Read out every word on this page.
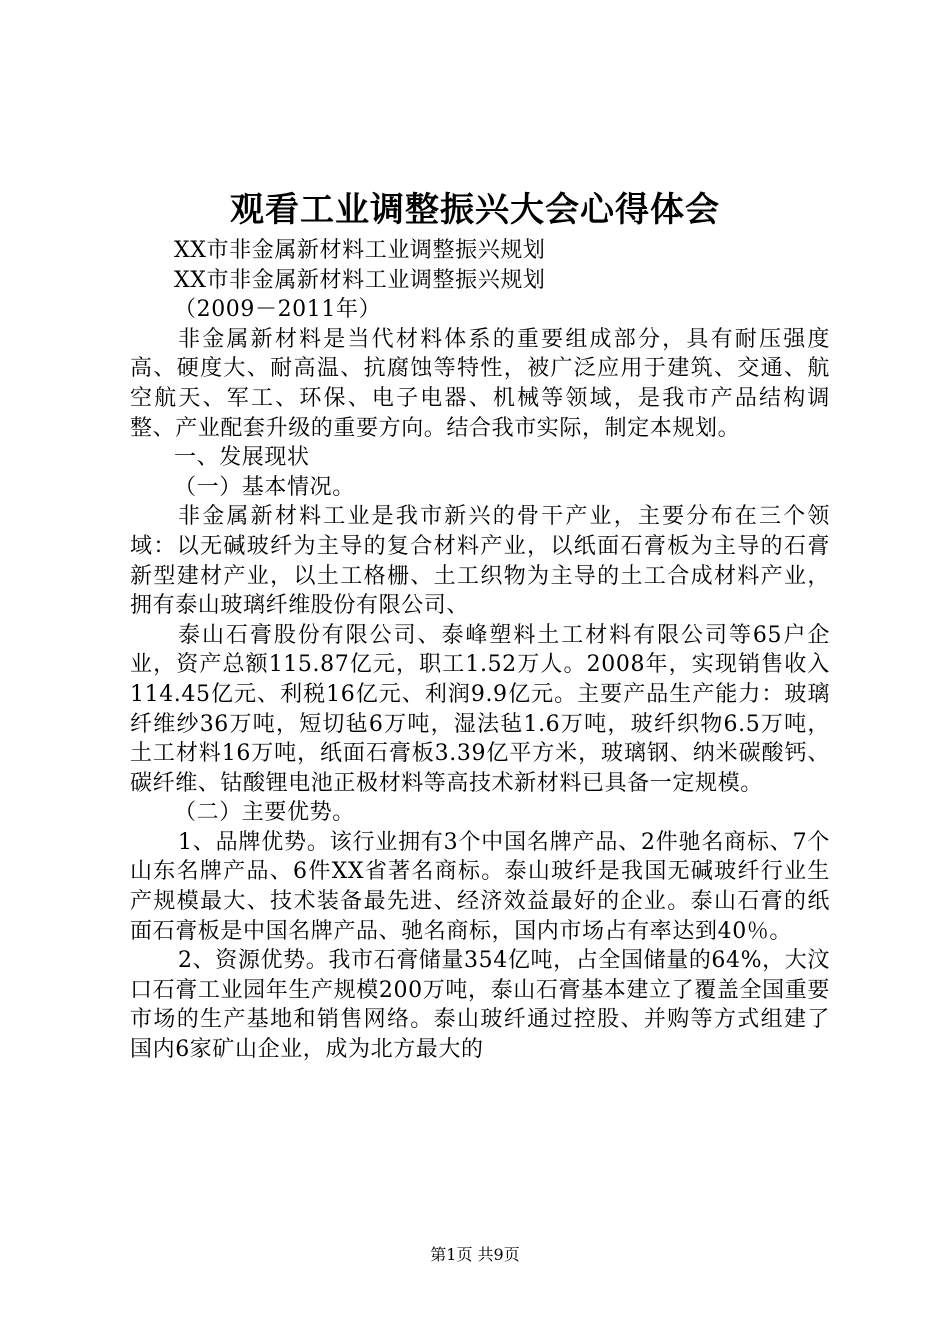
观看工业调整振兴大会心得体会

XX市非金属新材料工业调整振兴规划

XX市非金属新材料工业调整振兴规划

（2009－2011年）

非金属新材料是当代材料体系的重要组成部分，具有耐压强度高、硬度大、耐高温、抗腐蚀等特性，被广泛应用于建筑、交通、航空航天、军工、环保、电子电器、机械等领域，是我市产品结构调整、产业配套升级的重要方向。结合我市实际，制定本规划。

一、发展现状

（一）基本情况。

非金属新材料工业是我市新兴的骨干产业，主要分布在三个领域：以无碱玻纤为主导的复合材料产业，以纸面石膏板为主导的石膏新型建材产业，以土工格栅、土工织物为主导的土工合成材料产业，拥有泰山玻璃纤维股份有限公司、

泰山石膏股份有限公司、泰峰塑料土工材料有限公司等65户企业，资产总额115.87亿元，职工1.52万人。2008年，实现销售收入114.45亿元、利税16亿元、利润9.9亿元。主要产品生产能力：玻璃纤维纱36万吨，短切毡6万吨，湿法毡1.6万吨，玻纤织物6.5万吨，土工材料16万吨，纸面石膏板3.39亿平方米，玻璃钢、纳米碳酸钙、碳纤维、钴酸锂电池正极材料等高技术新材料已具备一定规模。

（二）主要优势。

1、品牌优势。该行业拥有3个中国名牌产品、2件驰名商标、7个山东名牌产品、6件XX省著名商标。泰山玻纤是我国无碱玻纤行业生产规模最大、技术装备最先进、经济效益最好的企业。泰山石膏的纸面石膏板是中国名牌产品、驰名商标，国内市场占有率达到40％。

2、资源优势。我市石膏储量354亿吨，占全国储量的64%，大汶口石膏工业园年生产规模200万吨，泰山石膏基本建立了覆盖全国重要市场的生产基地和销售网络。泰山玻纤通过控股、并购等方式组建了国内6家矿山企业，成为北方最大的

第1页 共9页
